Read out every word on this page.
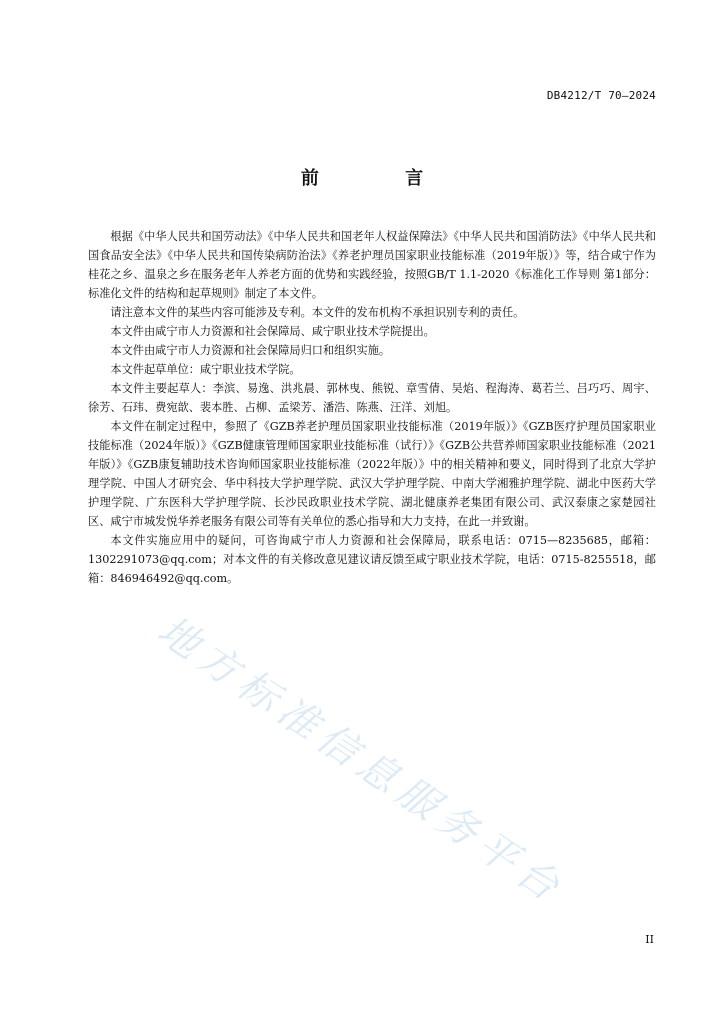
DB4212/T 70—2024
前 言

根据《中华人民共和国劳动法》《中华人民共和国老年人权益保障法》《中华人民共和国消防法》《中华人民共和国食品安全法》《中华人民共和国传染病防治法》《养老护理员国家职业技能标准（2019年版）》等，结合咸宁作为桂花之乡、温泉之乡在服务老年人养老方面的优势和实践经验，按照GB/T 1.1-2020《标准化工作导则 第1部分：标准化文件的结构和起草规则》制定了本文件。

请注意本文件的某些内容可能涉及专利。本文件的发布机构不承担识别专利的责任。

本文件由咸宁市人力资源和社会保障局、咸宁职业技术学院提出。

本文件由咸宁市人力资源和社会保障局归口和组织实施。

本文件起草单位：咸宁职业技术学院。

本文件主要起草人：李滨、易逸、洪兆晨、郭林曳、熊锐、章雪倩、吴焰、程海涛、葛若兰、吕巧巧、周宇、徐芳、石玮、费宛歆、裴本胜、占柳、孟梁芳、潘浩、陈燕、汪洋、刘旭。

本文件在制定过程中，参照了《GZB养老护理员国家职业技能标准（2019年版）》《GZB医疗护理员国家职业技能标准（2024年版）》《GZB健康管理师国家职业技能标准（试行）》《GZB公共营养师国家职业技能标准（2021年版）》《GZB康复辅助技术咨询师国家职业技能标准（2022年版）》中的相关精神和要义，同时得到了北京大学护理学院、中国人才研究会、华中科技大学护理学院、武汉大学护理学院、中南大学湘雅护理学院、湖北中医药大学护理学院、广东医科大学护理学院、长沙民政职业技术学院、湖北健康养老集团有限公司、武汉泰康之家楚园社区、咸宁市城发悦华养老服务有限公司等有关单位的悉心指导和大力支持，在此一并致谢。

本文件实施应用中的疑问，可咨询咸宁市人力资源和社会保障局，联系电话：0715—8235685，邮箱：1302291073@qq.com；对本文件的有关修改意见建议请反馈至咸宁职业技术学院，电话：0715-8255518，邮箱：846946492@qq.com。

地方标准信息服务平台
II
